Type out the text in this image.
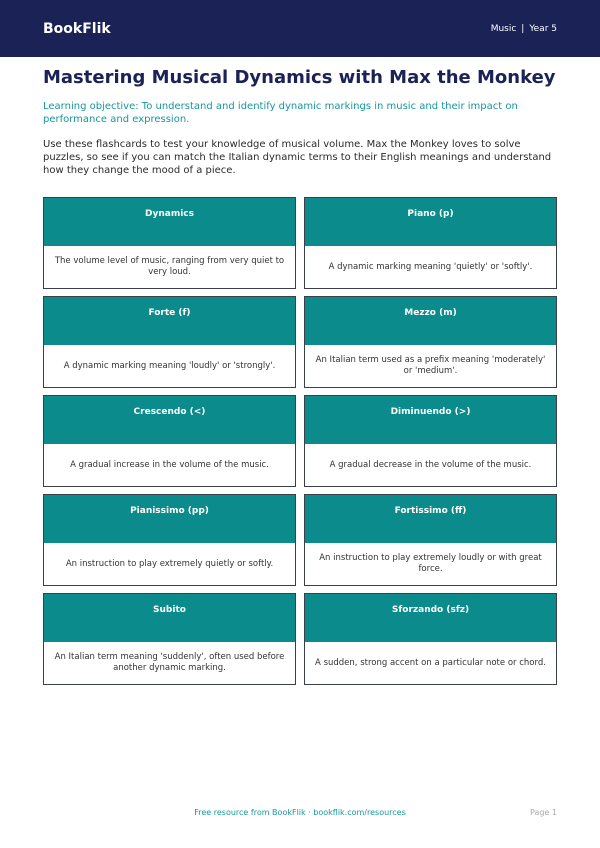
BookFlik	Music | Year 5
Mastering Musical Dynamics with Max the Monkey

Learning objective: To understand and identify dynamic markings in music and their impact on performance and expression.

Use these flashcards to test your knowledge of musical volume. Max the Monkey loves to solve puzzles, so see if you can match the Italian dynamic terms to their English meanings and understand how they change the mood of a piece.

Dynamics
The volume level of music, ranging from very quiet to very loud.
Piano (p)
A dynamic marking meaning 'quietly' or 'softly'.
Forte (f)
A dynamic marking meaning 'loudly' or 'strongly'.
Mezzo (m)
An Italian term used as a prefix meaning 'moderately' or 'medium'.
Crescendo (<)
A gradual increase in the volume of the music.
Diminuendo (>)
A gradual decrease in the volume of the music.
Pianissimo (pp)
An instruction to play extremely quietly or softly.
Fortissimo (ff)
An instruction to play extremely loudly or with great force.
Subito
An Italian term meaning 'suddenly', often used before another dynamic marking.
Sforzando (sfz)
A sudden, strong accent on a particular note or chord.
Free resource from BookFlik · bookflik.com/resources	Page 1
